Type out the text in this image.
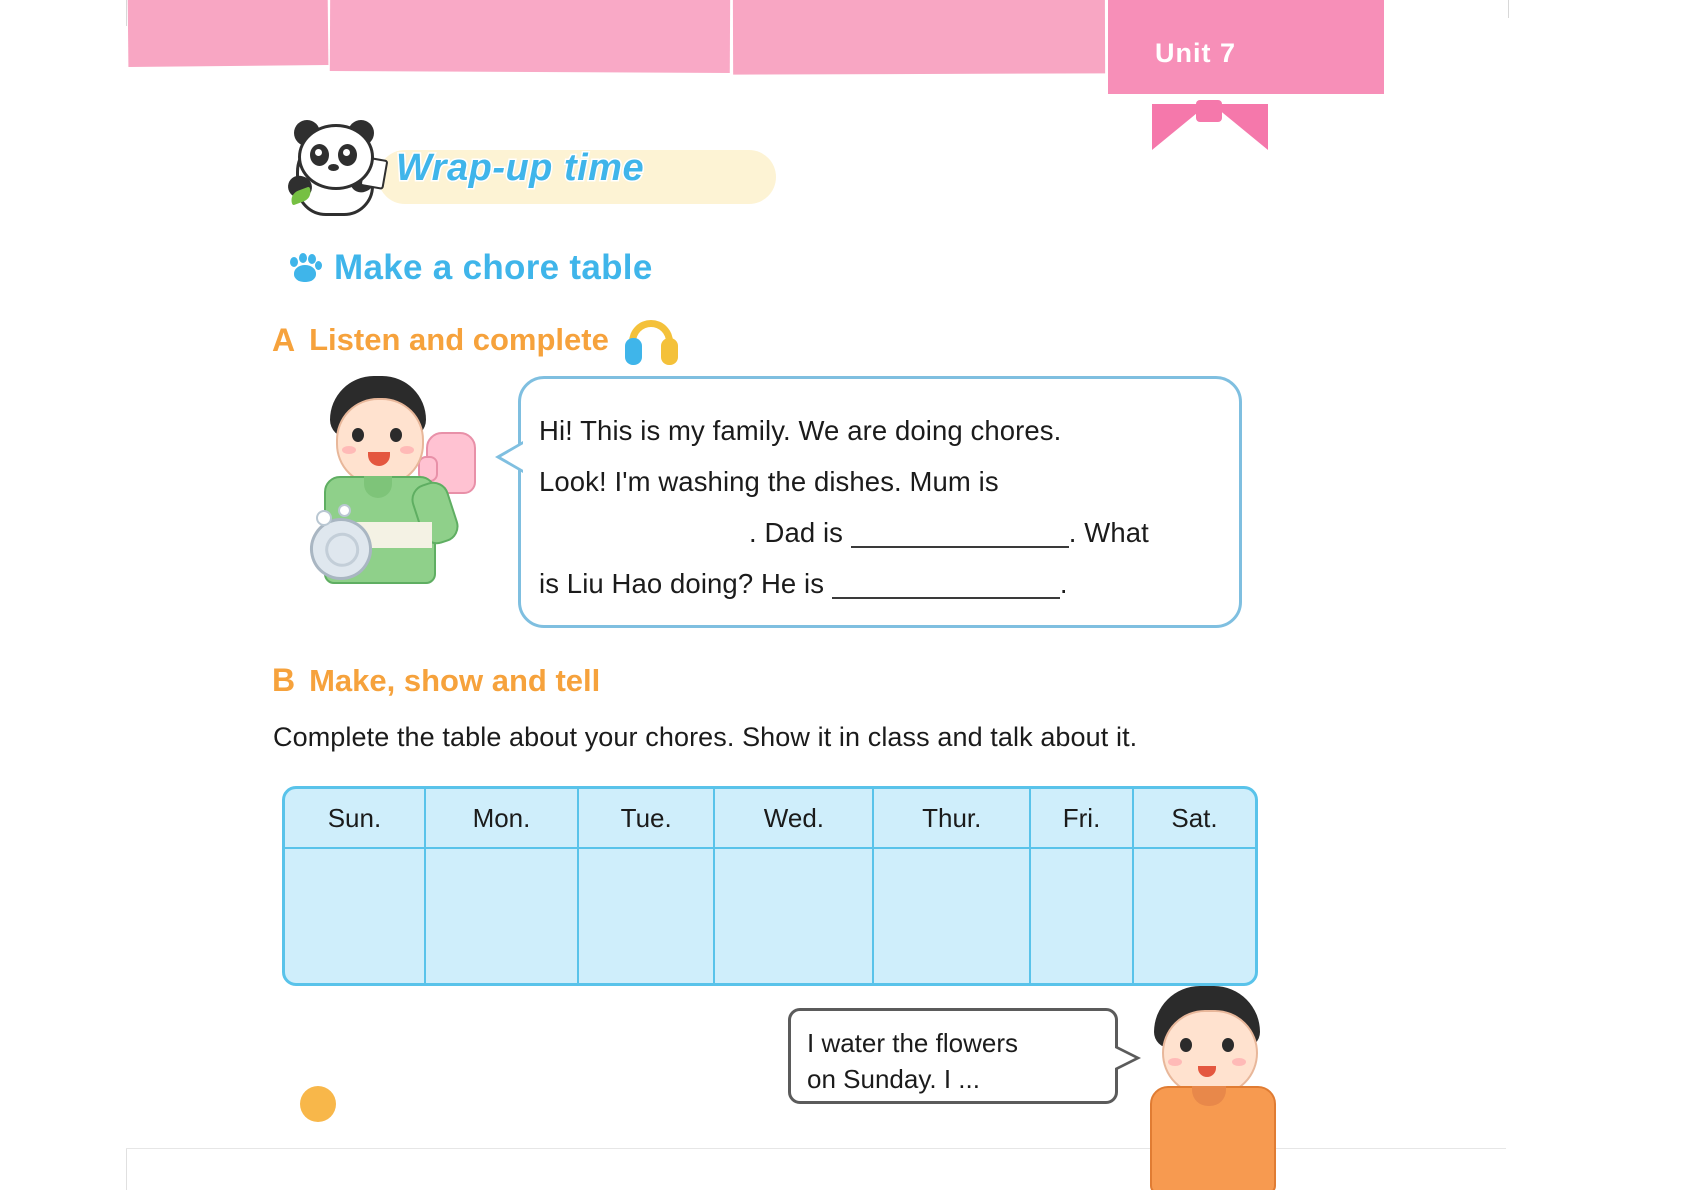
Unit 7
Wrap-up time
Make a chore table
A Listen and complete
Hi! This is my family. We are doing chores.
Look! I'm washing the dishes. Mum is
. Dad is	. What
is Liu Hao doing? He is	.
B Make, show and tell
Complete the table about your chores. Show it in class and talk about it.
Sun.	Mon.	Tue.	Wed.	Thur.	Fri.	Sat.

I water the flowers
on Sunday. I ...
